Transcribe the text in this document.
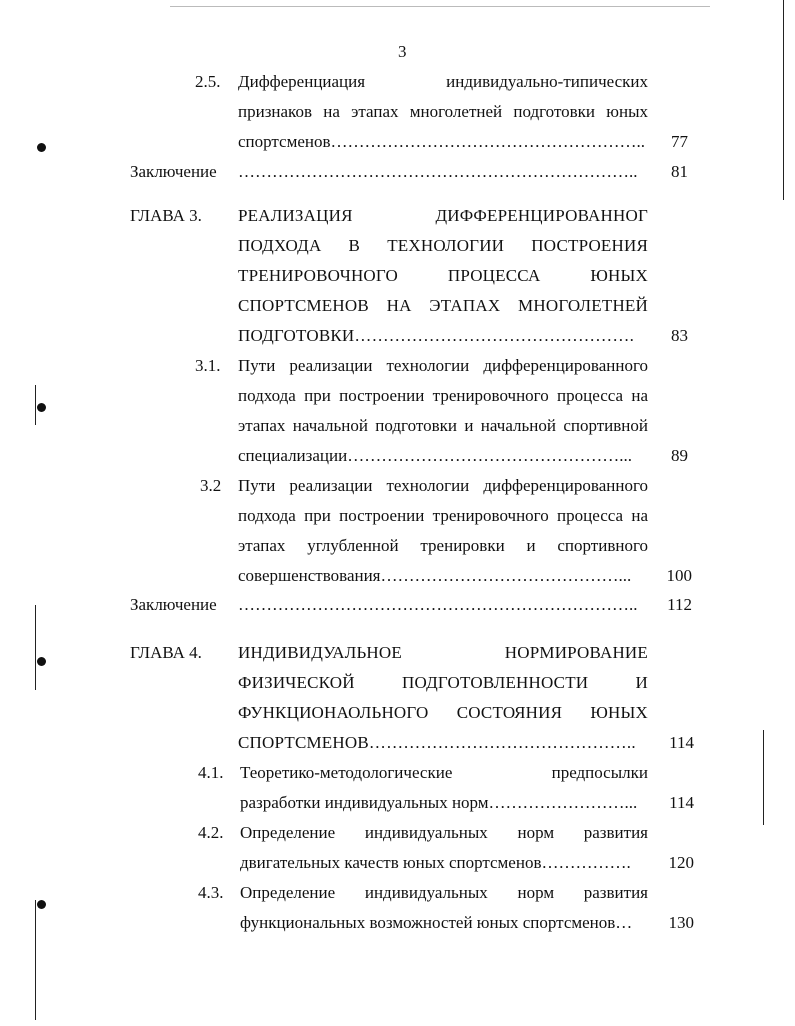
3
2.5. Дифференциация индивидуально-типических
признаков на этапах многолетней подготовки юных
спортсменов………………………………………………..	77
Заключение ……………………………………………………………..	81
ГЛАВА 3. РЕАЛИЗАЦИЯ ДИФФЕРЕНЦИРОВАННОГ
ПОДХОДА В ТЕХНОЛОГИИ ПОСТРОЕНИЯ
ТРЕНИРОВОЧНОГО ПРОЦЕССА ЮНЫХ
СПОРТСМЕНОВ НА ЭТАПАХ МНОГОЛЕТНЕЙ
ПОДГОТОВКИ………………………………………….	83
3.1. Пути реализации технологии дифференцированного
подхода при построении тренировочного процесса на
этапах начальной подготовки и начальной спортивной
специализации…………………………………………...	89
3.2 Пути реализации технологии дифференцированного
подхода при построении тренировочного процесса на
этапах углубленной тренировки и спортивного
совершенствования……………………………………...	100
Заключение ……………………………………………………………..	112
ГЛАВА 4. ИНДИВИДУАЛЬНОЕ НОРМИРОВАНИЕ
ФИЗИЧЕСКОЙ ПОДГОТОВЛЕННОСТИ И
ФУНКЦИОНАОЛЬНОГО СОСТОЯНИЯ ЮНЫХ
СПОРТСМЕНОВ………………………………………..	114
4.1. Теоретико-методологические предпосылки
разработки индивидуальных норм……………………...	114
4.2. Определение индивидуальных норм развития
двигательных качеств юных спортсменов…………….	120
4.3. Определение индивидуальных норм развития
функциональных возможностей юных спортсменов…	130
